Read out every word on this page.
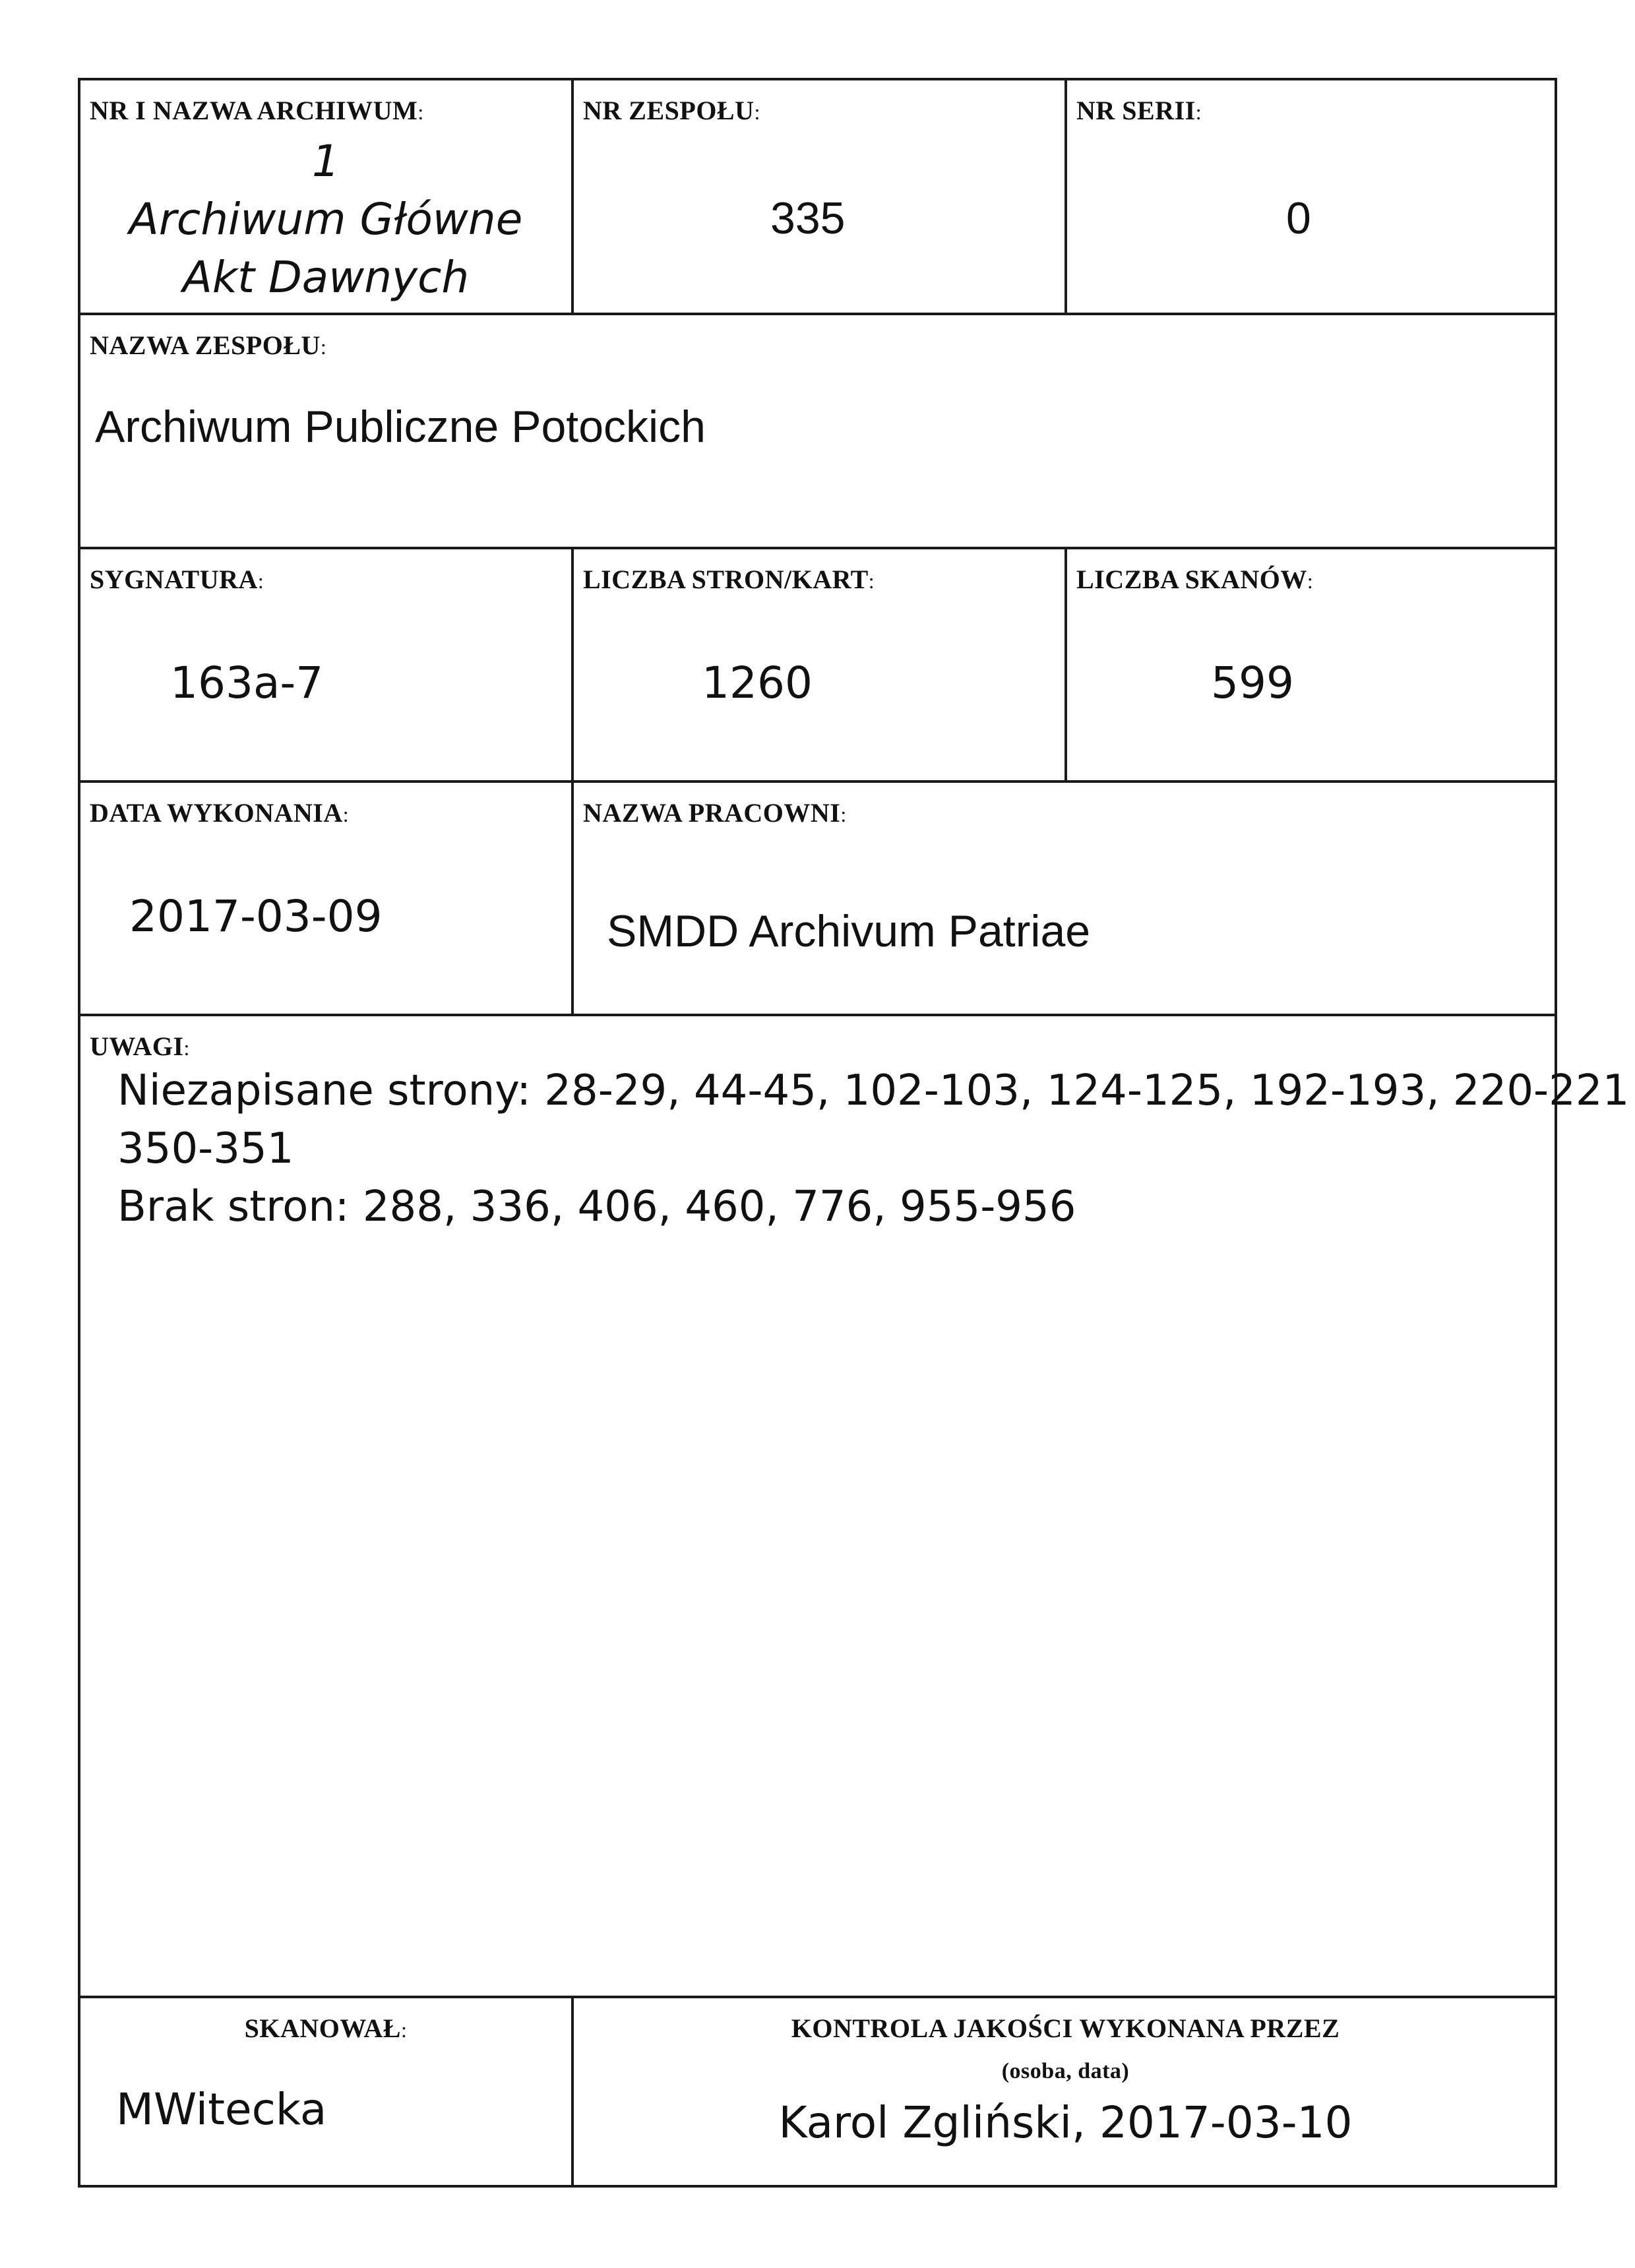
NR I NAZWA ARCHIWUM:
1
Archiwum Główne
Akt Dawnych
NR ZESPOŁU:
335
NR SERII:
0
NAZWA ZESPOŁU:
Archiwum Publiczne Potockich
SYGNATURA:
163a-7
LICZBA STRON/KART:
1260
LICZBA SKANÓW:
599
DATA WYKONANIA:
2017-03-09
NAZWA PRACOWNI:
SMDD Archivum Patriae
UWAGI:
Niezapisane strony: 28-29, 44-45, 102-103, 124-125, 192-193, 220-221
350-351
Brak stron: 288, 336, 406, 460, 776, 955-956
SKANOWAŁ:
MWitecka
KONTROLA JAKOŚCI WYKONANA PRZEZ
(osoba, data)
Karol Zgliński, 2017-03-10
